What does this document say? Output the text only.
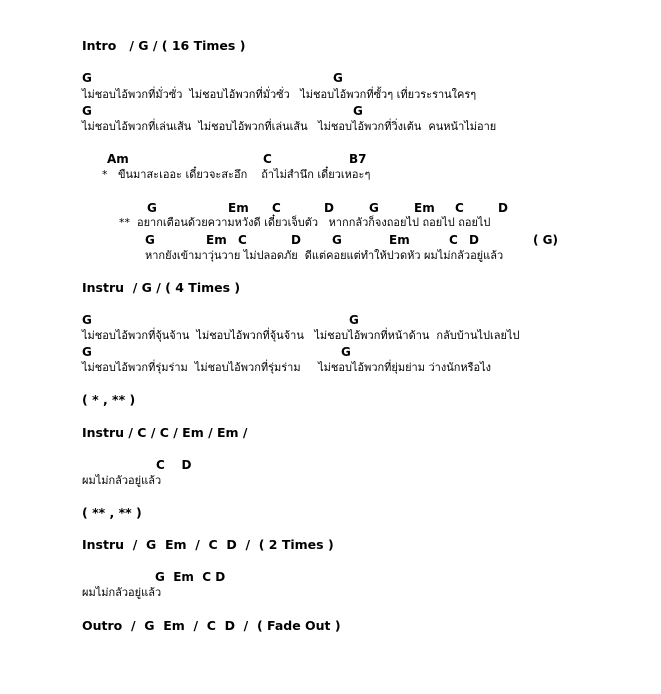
Intro   / G / ( 16 Times )
G	G
ไม่ชอบไอ้พวกที่มั่วซั่ว  ไม่ชอบไอ้พวกที่มั่วซั่ว   ไม่ชอบไอ้พวกที่ซั้วๆ เที่ยวระรานใครๆ
G	G
ไม่ชอบไอ้พวกที่เล่นเส้น  ไม่ชอบไอ้พวกที่เล่นเส้น   ไม่ชอบไอ้พวกที่วิ่งเต้น  คนหน้าไม่อาย
Am	C	B7
*   ขืนมาสะเออะ เดี๋ยวจะสะอึก    ถ้าไม่สำนึก เดี๋ยวเหอะๆ
G	Em C	D	G	Em C	D
**  อยากเตือนด้วยความหวังดี เดี๋ยวเจ็บตัว   หากกลัวก็จงถอยไป ถอยไป ถอยไป
G	Em C	D	G	Em	C D	( G)
หากยังเข้ามาวุ่นวาย ไม่ปลอดภัย  ดีแต่คอยแต่ทำให้ปวดหัว ผมไม่กลัวอยู่แล้ว
Instru  / G / ( 4 Times )
G	G
ไม่ชอบไอ้พวกที่จุ้นจ้าน  ไม่ชอบไอ้พวกที่จุ้นจ้าน   ไม่ชอบไอ้พวกที่หน้าด้าน  กลับบ้านไปเลยไป
G	G
ไม่ชอบไอ้พวกที่รุ่มร่าม  ไม่ชอบไอ้พวกที่รุ่มร่าม     ไม่ชอบไอ้พวกที่ยุ่มย่าม ว่างนักหรือไง
( * , ** )
Instru / C / C / Em / Em /
C    D
ผมไม่กลัวอยู่แล้ว
( ** , ** )
Instru  /  G  Em  /  C  D  /  ( 2 Times )
G  Em  C D
ผมไม่กลัวอยู่แล้ว
Outro  /  G  Em  /  C  D  /  ( Fade Out )
